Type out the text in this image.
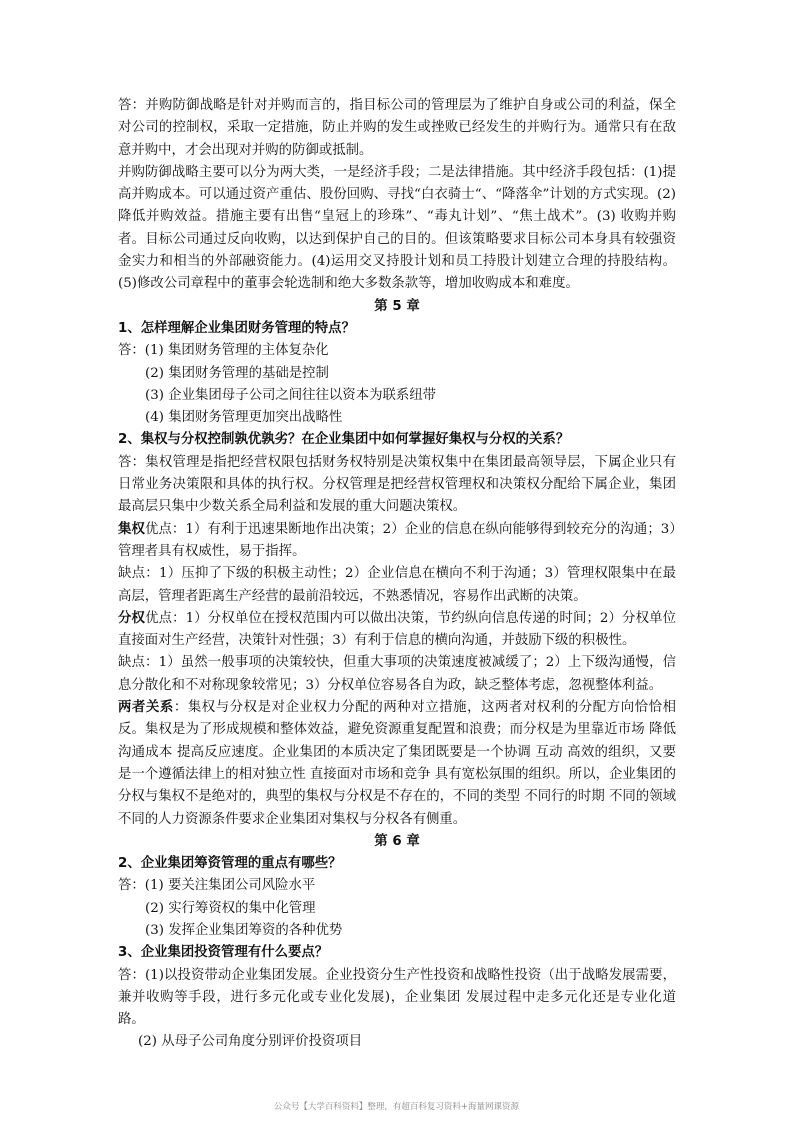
答：并购防御战略是针对并购而言的，指目标公司的管理层为了维护自身或公司的利益，保全对公司的控制权，采取一定措施，防止并购的发生或挫败已经发生的并购行为。通常只有在敌意并购中，才会出现对并购的防御或抵制。

并购防御战略主要可以分为两大类，一是经济手段；二是法律措施。其中经济手段包括：(1)提高并购成本。可以通过资产重估、股份回购、寻找“白衣骑士“、“降落伞”计划的方式实现。(2) 降低并购效益。措施主要有出售“皇冠上的珍珠”、“毒丸计划”、“焦土战术”。(3) 收购并购者。目标公司通过反向收购，以达到保护自己的目的。但该策略要求目标公司本身具有较强资金实力和相当的外部融资能力。(4)运用交叉持股计划和员工持股计划建立合理的持股结构。(5)修改公司章程中的董事会轮选制和绝大多数条款等，增加收购成本和难度。

第 5 章

1、怎样理解企业集团财务管理的特点？

答：(1) 集团财务管理的主体复杂化

(2) 集团财务管理的基础是控制

(3) 企业集团母子公司之间往往以资本为联系纽带

(4) 集团财务管理更加突出战略性

2、集权与分权控制孰优孰劣？在企业集团中如何掌握好集权与分权的关系？

答：集权管理是指把经营权限包括财务权特别是决策权集中在集团最高领导层，下属企业只有日常业务决策限和具体的执行权。分权管理是把经营权管理权和决策权分配给下属企业，集团最高层只集中少数关系全局利益和发展的重大问题决策权。

集权优点：1）有利于迅速果断地作出决策；2）企业的信息在纵向能够得到较充分的沟通；3）管理者具有权威性，易于指挥。

缺点：1）压抑了下级的积极主动性；2）企业信息在横向不利于沟通；3）管理权限集中在最高层，管理者距离生产经营的最前沿较远，不熟悉情况，容易作出武断的决策。

分权优点：1）分权单位在授权范围内可以做出决策，节约纵向信息传递的时间；2）分权单位直接面对生产经营，决策针对性强；3）有利于信息的横向沟通，并鼓励下级的积极性。

缺点：1）虽然一般事项的决策较快，但重大事项的决策速度被减缓了；2）上下级沟通慢，信息分散化和不对称现象较常见；3）分权单位容易各自为政，缺乏整体考虑，忽视整体利益。

两者关系：集权与分权是对企业权力分配的两种对立措施，这两者对权利的分配方向恰恰相反。集权是为了形成规模和整体效益，避免资源重复配置和浪费；而分权是为里靠近市场 降低沟通成本 提高反应速度。企业集团的本质决定了集团既要是一个协调 互动 高效的组织，又要是一个遵循法律上的相对独立性 直接面对市场和竞争 具有宽松氛围的组织。所以，企业集团的分权与集权不是绝对的，典型的集权与分权是不存在的，不同的类型 不同行的时期 不同的领域 不同的人力资源条件要求企业集团对集权与分权各有侧重。

第 6 章

2、企业集团筹资管理的重点有哪些？

答：(1) 要关注集团公司风险水平

(2) 实行筹资权的集中化管理

(3) 发挥企业集团筹资的各种优势

3、企业集团投资管理有什么要点？

答：(1)以投资带动企业集团发展。企业投资分生产性投资和战略性投资（出于战略发展需要，兼并收购等手段，进行多元化或专业化发展)，企业集团 发展过程中走多元化还是专业化道路。

(2) 从母子公司角度分别评价投资项目

公众号【大学百科资料】整理，有超百科复习资料+海量网课资源
